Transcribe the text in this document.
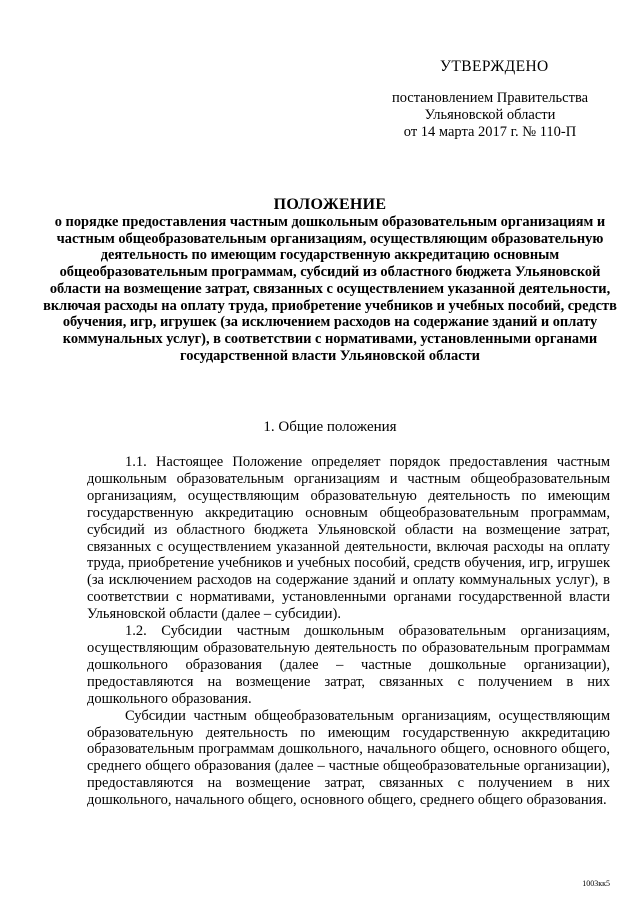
УТВЕРЖДЕНО
постановлением Правительства
Ульяновской области
от 14 марта 2017 г. № 110-П
ПОЛОЖЕНИЕ
о порядке предоставления частным дошкольным образовательным организациям и частным общеобразовательным организациям, осуществляющим образовательную деятельность по имеющим государственную аккредитацию основным общеобразовательным программам, субсидий из областного бюджета Ульяновской области на возмещение затрат, связанных с осуществлением указанной деятельности, включая расходы на оплату труда, приобретение учебников и учебных пособий, средств обучения, игр, игрушек (за исключением расходов на содержание зданий и оплату коммунальных услуг), в соответствии с нормативами, установленными органами государственной власти Ульяновской области
1. Общие положения

1.1. Настоящее Положение определяет порядок предоставления частным дошкольным образовательным организациям и частным общеобразовательным организациям, осуществляющим образовательную деятельность по имеющим государственную аккредитацию основным общеобразовательным программам, субсидий из областного бюджета Ульяновской области на возмещение затрат, связанных с осуществлением указанной деятельности, включая расходы на оплату труда, приобретение учебников и учебных пособий, средств обучения, игр, игрушек (за исключением расходов на содержание зданий и оплату коммунальных услуг), в соответствии с нормативами, установленными органами государственной власти Ульяновской области (далее – субсидии).

1.2. Субсидии частным дошкольным образовательным организациям, осуществляющим образовательную деятельность по образовательным программам дошкольного образования (далее – частные дошкольные организации), предоставляются на возмещение затрат, связанных с получением в них дошкольного образования.

Субсидии частным общеобразовательным организациям, осуществляющим образовательную деятельность по имеющим государственную аккредитацию образовательным программам дошкольного, начального общего, основного общего, среднего общего образования (далее – частные общеобразовательные организации), предоставляются на возмещение затрат, связанных с получением в них дошкольного, начального общего, основного общего, среднего общего образования.

1003кк5
